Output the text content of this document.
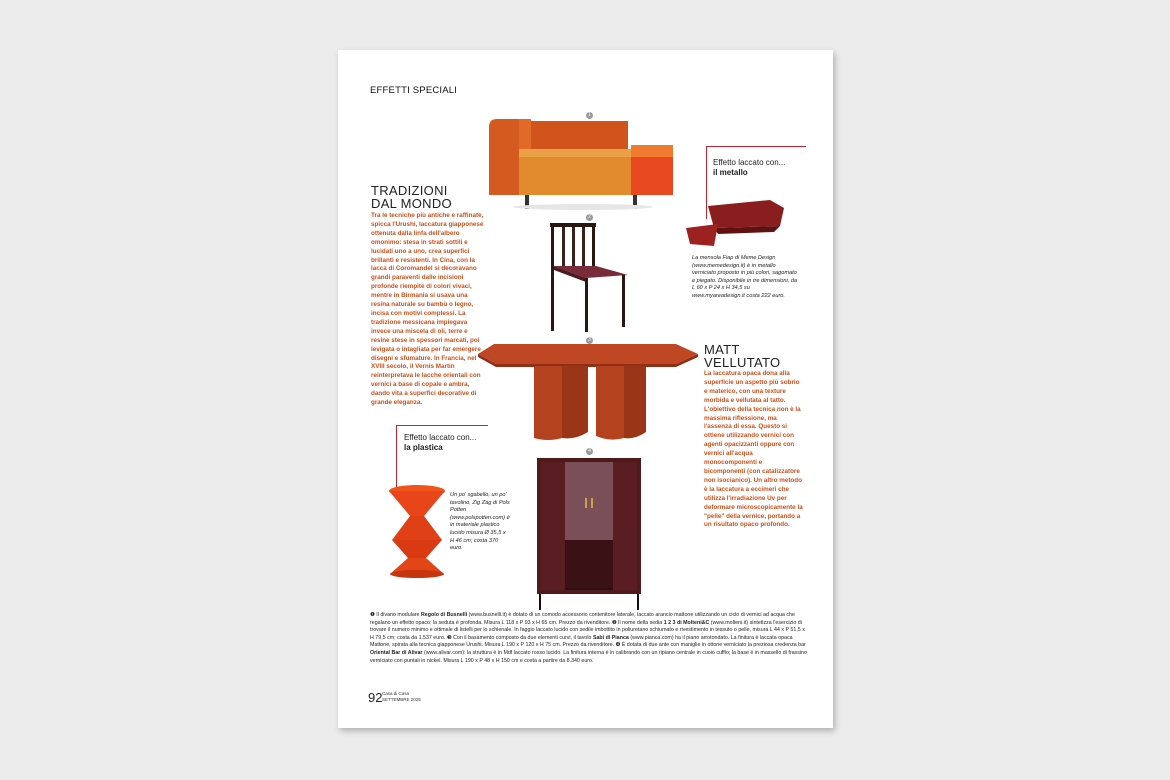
EFFETTI SPECIALI
1
2
3
4
Effetto laccato con...
il metallo
La mensola Fiap di Meme Design (www.memedesign.it) è in metallo verniciato proposto in più colori, sagomato e piegato. Disponibile in tre dimensioni, da L 60 x P 24 x H 34,5 su www.myareadesign.it costa 222 euro.
TRADIZIONI
DAL MONDO
Tra le tecniche più antiche e raffinate, spicca l'Urushi, laccatura giapponese ottenuta dalla linfa dell'albero omonimo: stesa in strati sottili e lucidati uno a uno, crea superfici brillanti e resistenti. In Cina, con la lacca di Coromandel si decoravano grandi paraventi dalle incisioni profonde riempite di colori vivaci, mentre in Birmania si usava una resina naturale su bambù o legno, incisa con motivi complessi. La tradizione messicana impiegava invece una miscela di oli, terre e resine stese in spessori marcati, poi levigata o intagliata per far emergere disegni e sfumature. In Francia, nel XVIII secolo, il Vernis Martin reinterpretava le lacche orientali con vernici a base di copale e ambra, dando vita a superfici decorative di grande eleganza.
MATT
VELLUTATO
La laccatura opaca dona alla superficie un aspetto più sobrio e materico, con una texture morbida e vellutata al tatto. L'obiettivo della tecnica non è la massima riflessione, ma l'assenza di essa. Questo si ottiene utilizzando vernici con agenti opacizzanti oppure con vernici all'acqua monocomponenti e bicomponenti (con catalizzatore non isocianico). Un altro metodo è la laccatura a eccimeri che utilizza l'irradiazione Uv per deformare microscopicamente la "pelle" della vernice, portando a un risultato opaco profondo.
Effetto laccato con...
la plastica
Un po' sgabello, un po' tavolino, Zig Zag di Pols Potten (www.polspotten.com) è in materiale plastico lucido misura Ø 35,5 x H 46 cm; costa 370 euro.
❶ Il divano modulare Regolo di Busnelli (www.busnelli.it) è dotato di un comodo accessorio contenitore laterale, laccato arancio mattone utilizzando un ciclo di vernici ad acqua che regalano un effetto opaco; la seduta è profonda. Misura L 118 x P 93 x H 65 cm. Prezzo da rivenditore. ❷ Il nome della sedia 1 2 3 di Molteni&C (www.molteni.it) sintetizza l'esercizio di trovare il numero minimo e ottimale di listelli per lo schienale. In faggio laccato lucido con sedile imbottito in poliuretano schiumato e rivestimento in tessuto o pelle, misura L 44 x P 51,5 x H 79,5 cm; costa da 1.537 euro. ❸ Con il basamento composto da due elementi curvi, il tavolo Sabi di Pianca (www.pianca.com) ha il piano arrotondato. La finitura è laccata opaca Mattone, spirata alla tecnica giapponese Urushi. Misura L 190 x P 120 x H 75 cm. Prezzo da rivenditore. ❹ È dotata di due ante con maniglie in ottone verniciato la preziosa credenza bar Oriental Bar di Alivar (www.alivar.com): la struttura è in Mdf laccato rosso lucido. La finitura interna è in calibrando con un ripiano centrale in cuoio cuffio; la base è in massello di frassino verniciato con puntali in nickel. Misura L 190 x P 48 x H 150 cm e costa a partire da 8.340 euro.
92 Casa di Casa
SETTEMBRE 2025
